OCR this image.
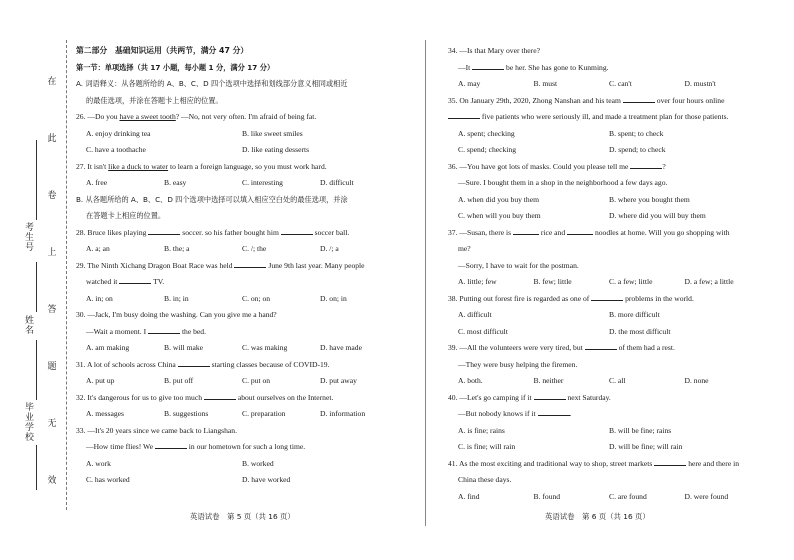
考生号
姓名
毕业学校
在
此
卷
上
答
题
无
效
第二部分　基础知识运用（共两节，满分 47 分）
第一节：单项选择（共 17 小题，每小题 1 分，满分 17 分）
A. 词语释义：从各题所给的 A、B、C、D 四个选项中选择和划线部分意义相同或相近
的最佳选项，并涂在答题卡上相应的位置。
26. —Do you have a sweet tooth? —No, not very often. I'm afraid of being fat.
A. enjoy drinking tea	B. like sweet smiles
C. have a toothache	D. like eating desserts
27. It isn't like a duck to water to learn a foreign language, so you must work hard.
A. free	B. easy	C. interesting	D. difficult
B. 从各题所给的 A、B、C、D 四个选项中选择可以填入相应空白处的最佳选项，并涂
在答题卡上相应的位置。
28. Bruce likes playing	soccer. so his father bought him	soccer ball.
A. a; an	B. the; a	C. /; the	D. /; a
29. The Ninth Xichang Dragon Boat Race was held	June 9th last year. Many people
watched it	TV.
A. in; on	B. in; in	C. on; on	D. on; in
30. —Jack, I'm busy doing the washing. Can you give me a hand?
—Wait a moment. I	the bed.
A. am making	B. will make	C. was making	D. have made
31. A lot of schools across China	starting classes because of COVID-19.
A. put up	B. put off	C. put on	D. put away
32. It's dangerous for us to give too much	about ourselves on the Internet.
A. messages	B. suggestions	C. preparation	D. information
33. —It's 20 years since we came back to Liangshan.
—How time flies! We	in our hometown for such a long time.
A. work	B. worked
C. has worked	D. have worked
34. —Is that Mary over there?
—It	be her. She has gone to Kunming.
A. may	B. must	C. can't	D. mustn't
35. On January 29th, 2020, Zhong Nanshan and his team	over four hours online
five patients who were seriously ill, and made a treatment plan for those patients.
A. spent; checking	B. spent; to check
C. spend; checking	D. spend; to check
36. —You have got lots of masks. Could you please tell me	?
—Sure. I bought them in a shop in the neighborhood a few days ago.
A. when did you buy them	B. where you bought them
C. when will you buy them	D. where did you will buy them
37. —Susan, there is	rice and	noodles at home. Will you go shopping with
me?
—Sorry, I have to wait for the postman.
A. little; few	B. few; little	C. a few; little	D. a few; a little
38. Putting out forest fire is regarded as one of	problems in the world.
A. difficult	B. more difficult
C. most difficult	D. the most difficult
39. —All the volunteers were very tired, but	of them had a rest.
—They were busy helping the firemen.
A. both.	B. neither	C. all	D. none
40. —Let's go camping if it	next Saturday.
—But nobody knows if it	.
A. is fine; rains	B. will be fine; rains
C. is fine; will rain	D. will be fine; will rain
41. As the most exciting and traditional way to shop, street markets	here and there in
China these days.
A. find	B. found	C. are found	D. were found
英语试卷　第 5 页（共 16 页）	英语试卷　第 6 页（共 16 页）
